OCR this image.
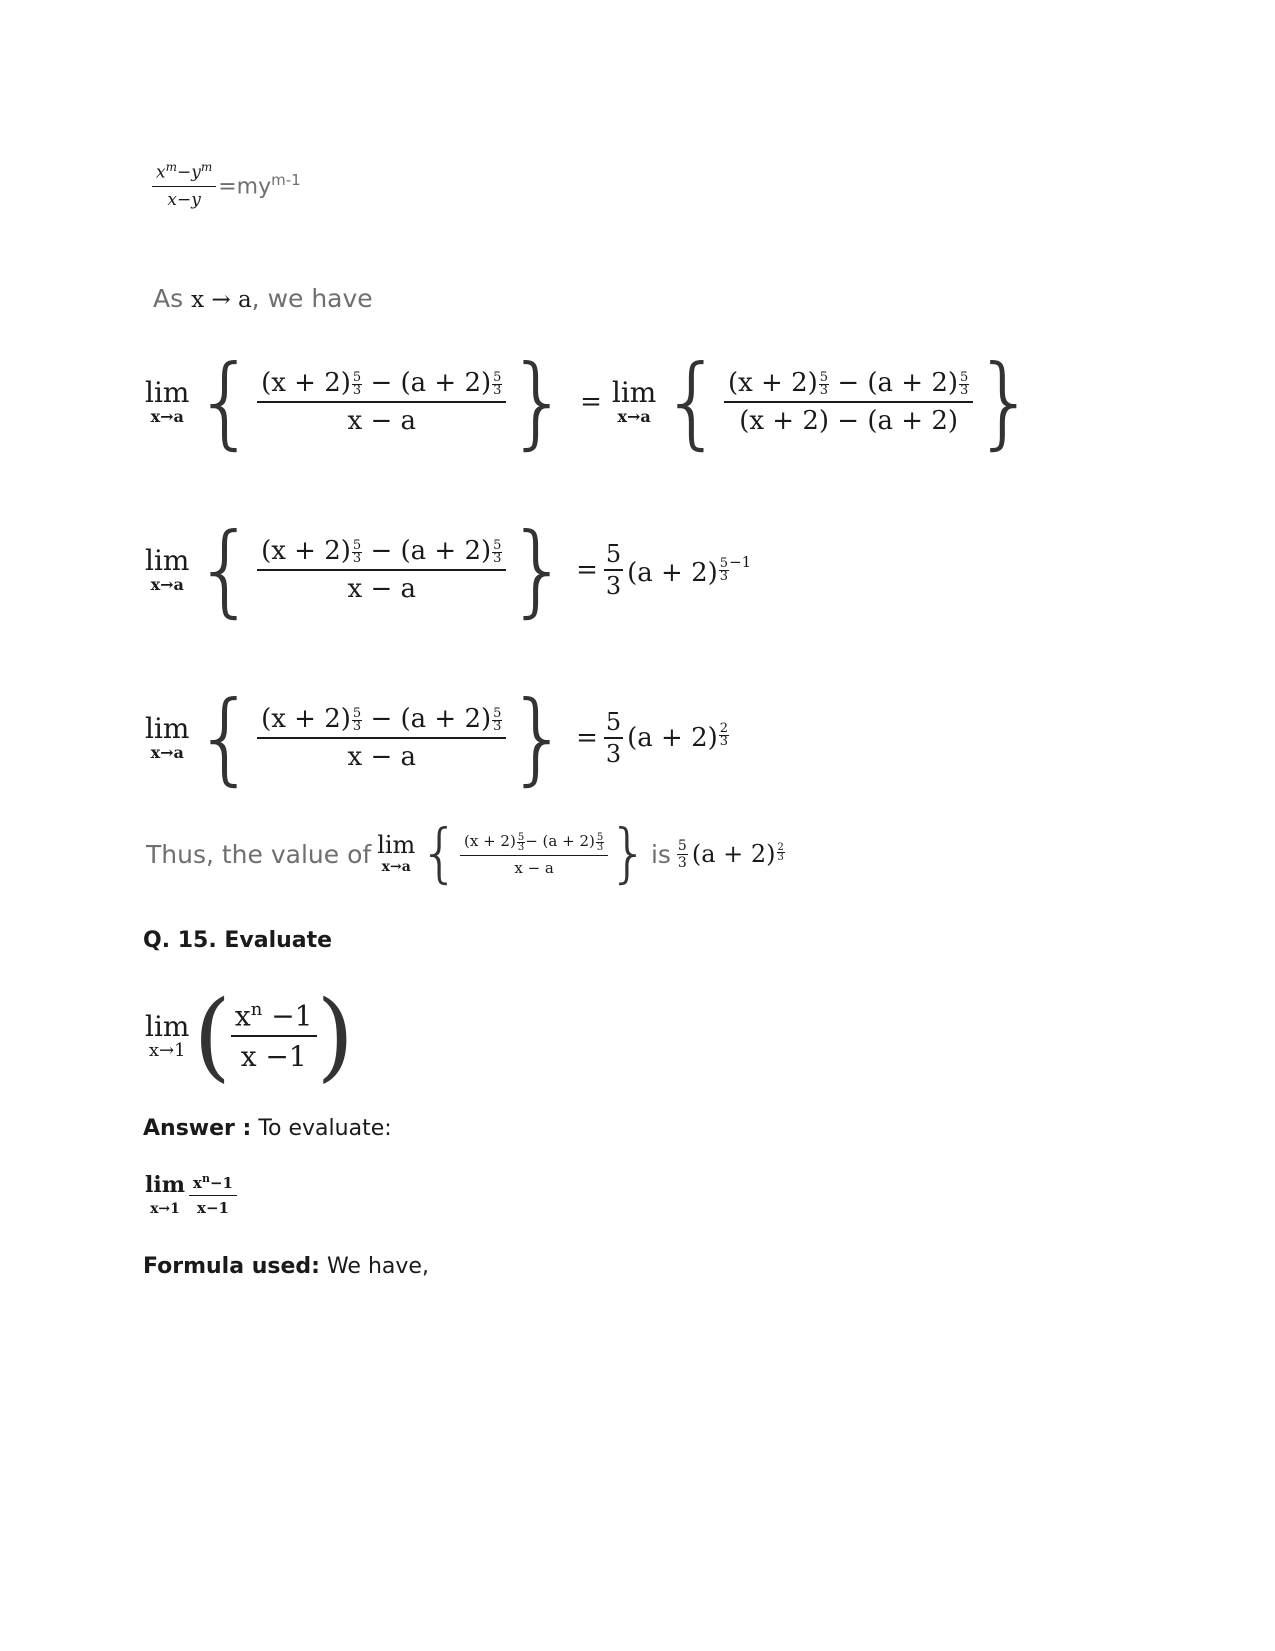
$\frac{x^m-y^m}{x-y} =my^{m-1}$
As x → a, we have
lim
x→a { $\frac{(x + 2) \frac{5}{3} - (a + 2) \frac{5}{3}}{x - a}$ } = lim
x→a { $\frac{(x + 2) \frac{5}{3} - (a + 2) \frac{5}{3}}{(x + 2) - (a + 2)}$ }
lim
x→a { $\frac{(x + 2) \frac{5}{3} - (a + 2) \frac{5}{3}}{x - a}$ } = $\frac{5}{3} (a + 2) \frac{5}{3} ^{-1}$
lim
x→a { $\frac{(x + 2) \frac{5}{3} - (a + 2) \frac{5}{3}}{x - a}$ } = $\frac{5}{3} (a + 2) \frac{2}{3}$
Thus, the value of lim
x→a { $\frac{(x + 2) \frac{5}{3} - (a + 2) \frac{5}{3}}{x - a}$ } is $\frac{5}{3} (a + 2) \frac{2}{3}$
Q. 15. Evaluate
lim
x→1 ( $\frac{x^n -1}{x -1}$ )
Answer : To evaluate:
lim
$x\to 1 \frac{x^n-1}{x-1}$
Formula used: We have,
